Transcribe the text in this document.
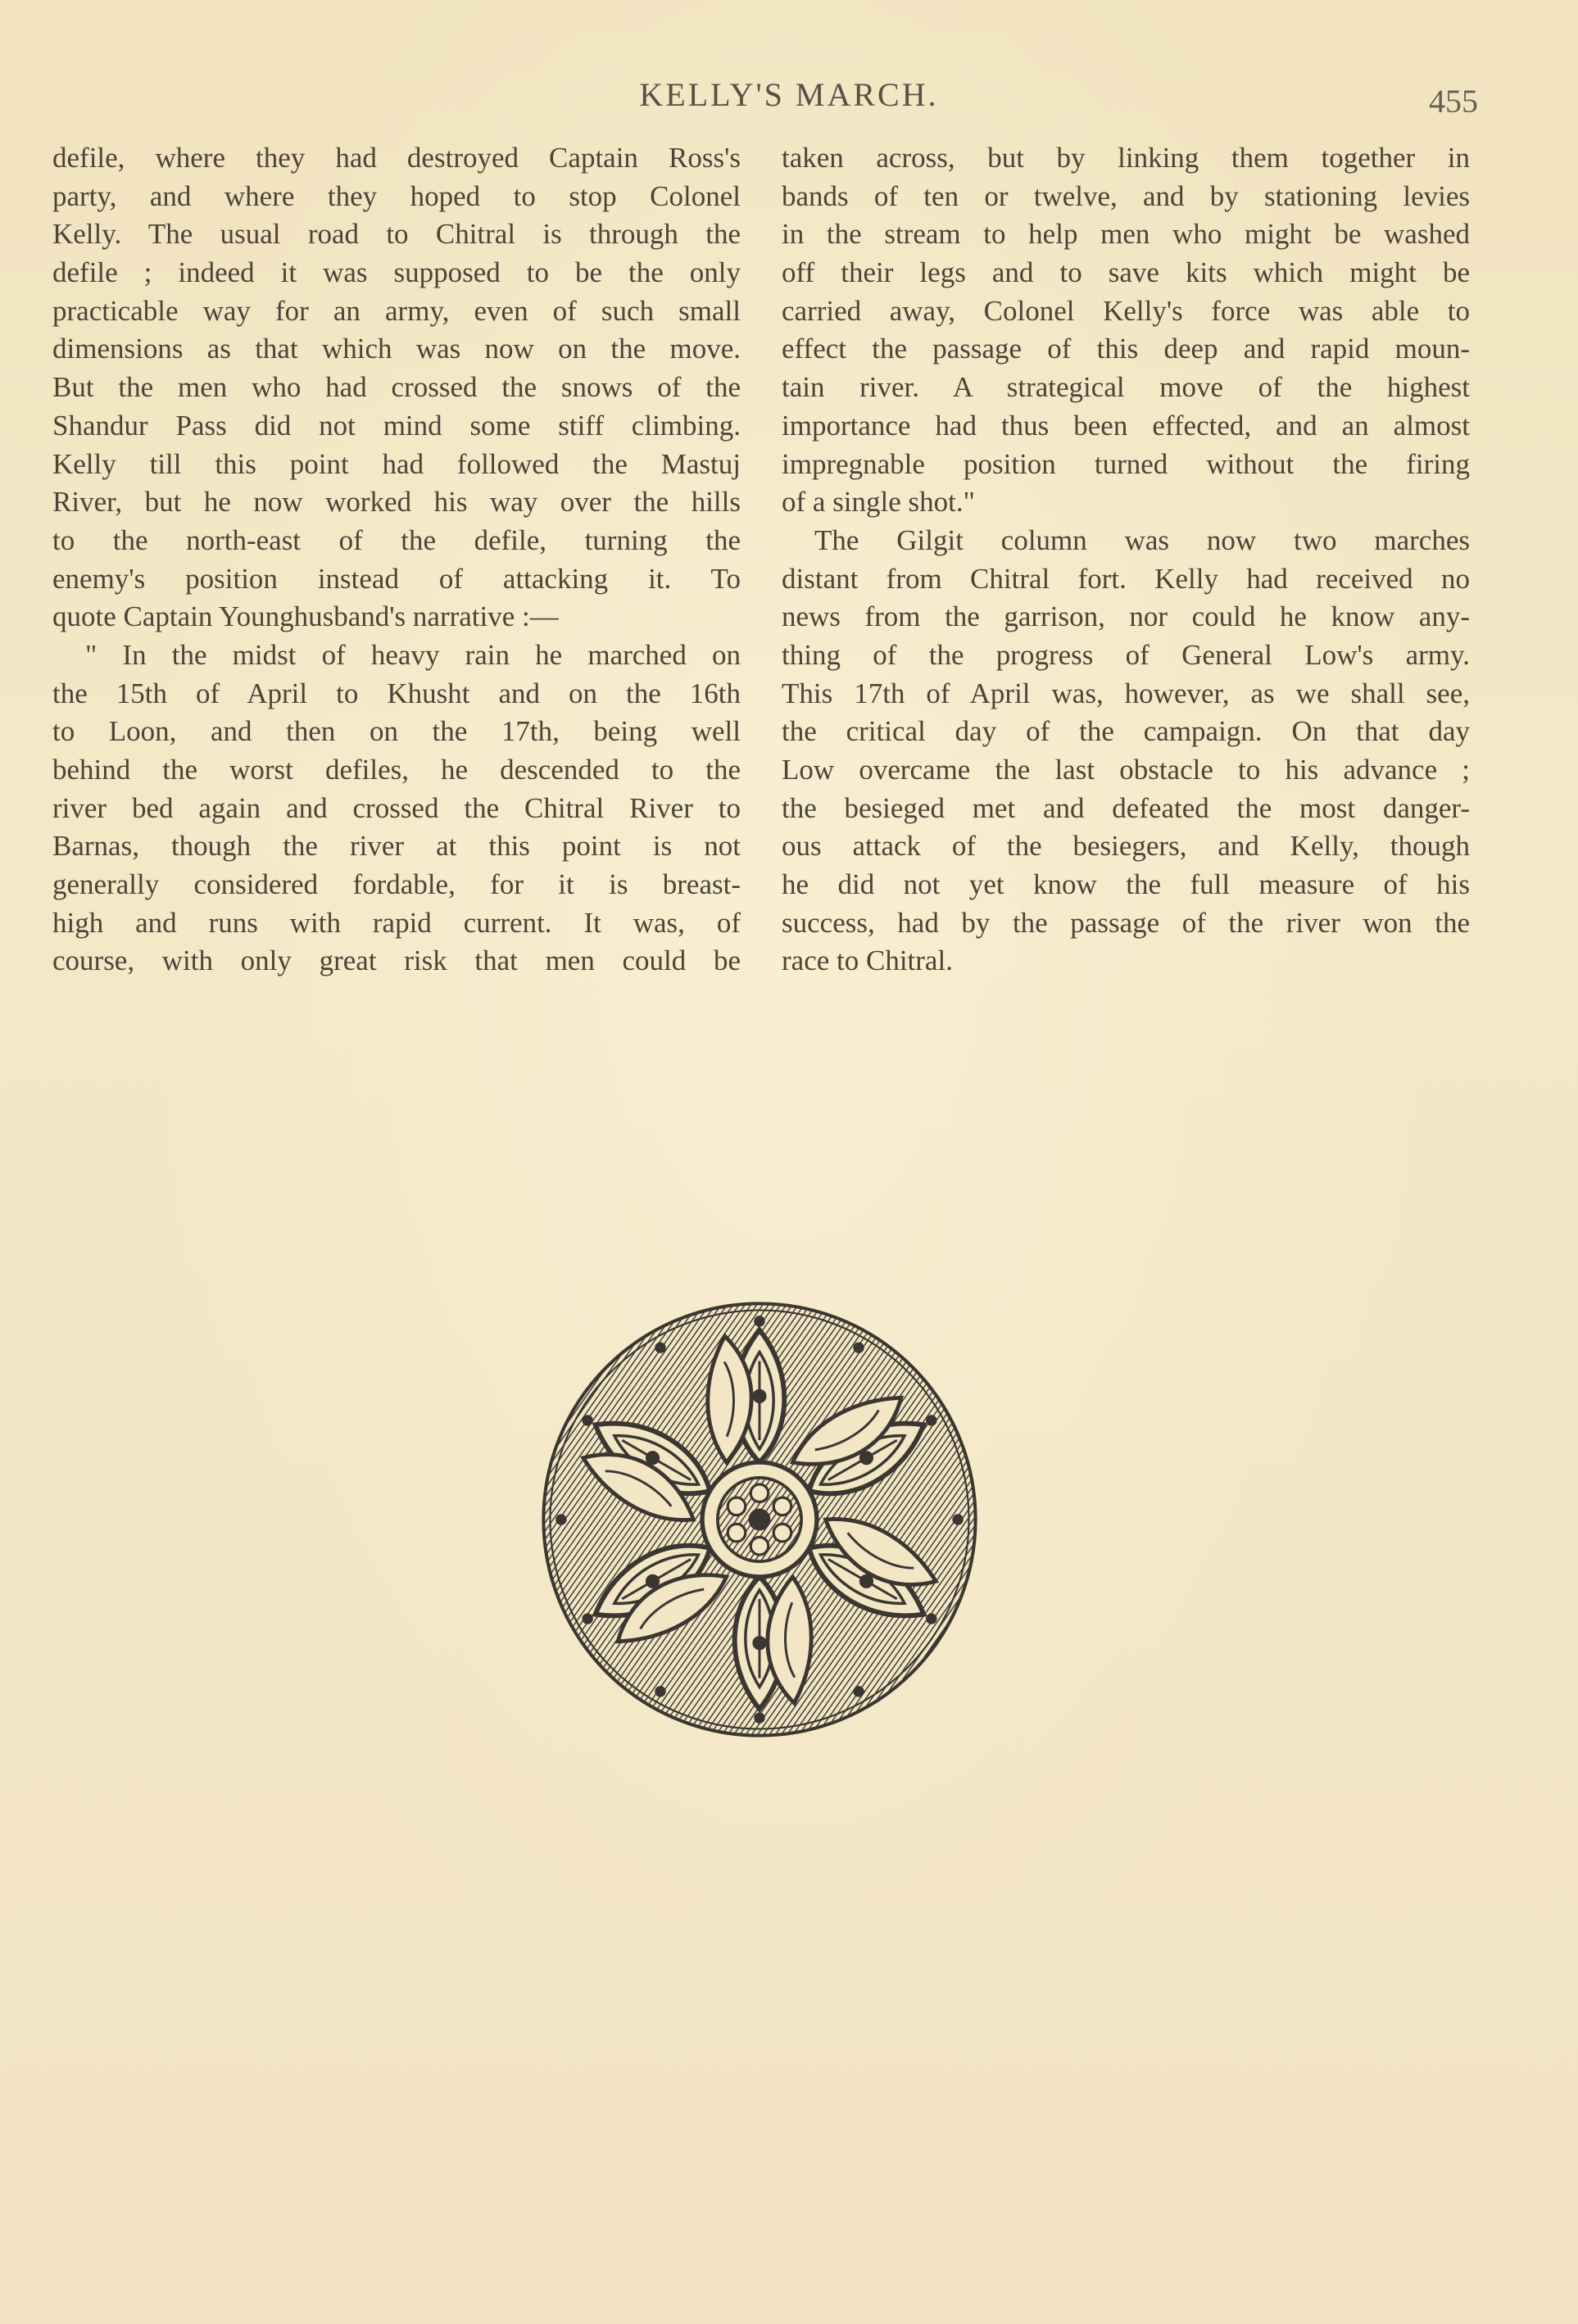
KELLY'S MARCH.	455
defile, where they had destroyed Captain Ross's
party, and where they hoped to stop Colonel
Kelly. The usual road to Chitral is through the
defile ; indeed it was supposed to be the only
practicable way for an army, even of such small
dimensions as that which was now on the move.
But the men who had crossed the snows of the
Shandur Pass did not mind some stiff climbing.
Kelly till this point had followed the Mastuj
River, but he now worked his way over the hills
to the north-east of the defile, turning the
enemy's position instead of attacking it. To
quote Captain Younghusband's narrative :—
" In the midst of heavy rain he marched on
the 15th of April to Khusht and on the 16th
to Loon, and then on the 17th, being well
behind the worst defiles, he descended to the
river bed again and crossed the Chitral River to
Barnas, though the river at this point is not
generally considered fordable, for it is breast-
high and runs with rapid current. It was, of
course, with only great risk that men could be
taken across, but by linking them together in
bands of ten or twelve, and by stationing levies
in the stream to help men who might be washed
off their legs and to save kits which might be
carried away, Colonel Kelly's force was able to
effect the passage of this deep and rapid moun-
tain river. A strategical move of the highest
importance had thus been effected, and an almost
impregnable position turned without the firing
of a single shot."
The Gilgit column was now two marches
distant from Chitral fort. Kelly had received no
news from the garrison, nor could he know any-
thing of the progress of General Low's army.
This 17th of April was, however, as we shall see,
the critical day of the campaign. On that day
Low overcame the last obstacle to his advance ;
the besieged met and defeated the most danger-
ous attack of the besiegers, and Kelly, though
he did not yet know the full measure of his
success, had by the passage of the river won the
race to Chitral.
